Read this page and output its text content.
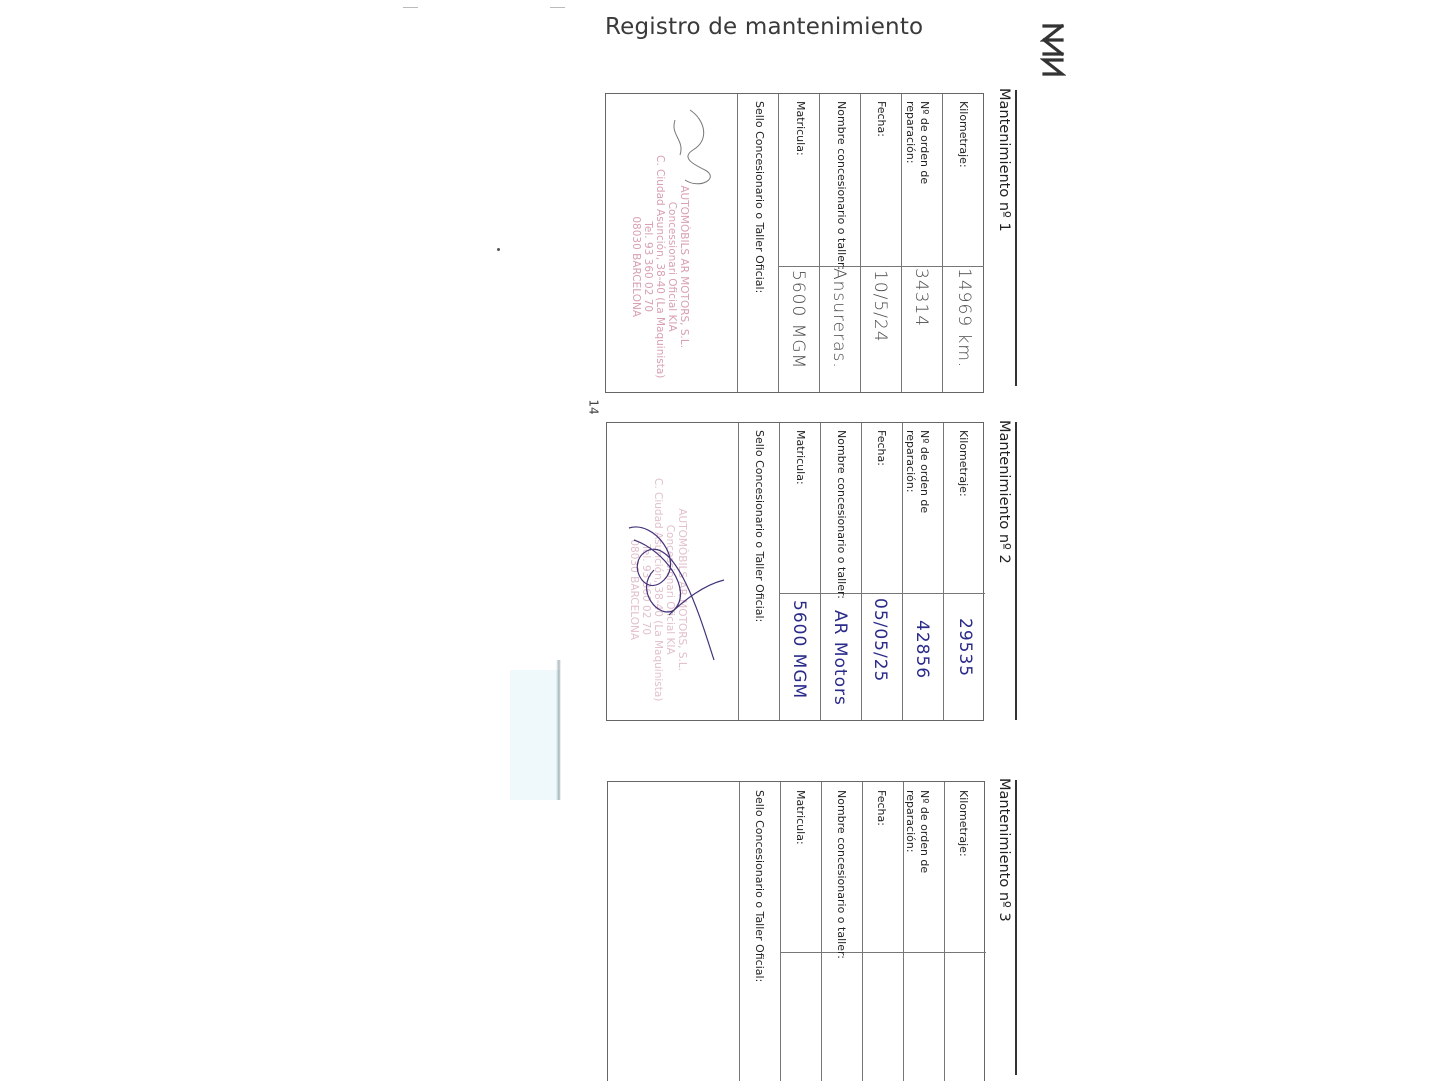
Registro de mantenimiento
14
Mantenimiento nº 1
Kilometraje:
Nº de orden de
reparación:
Fecha:
Nombre concesionario o taller:
Matricula:
Sello Concesionario o Taller Oficial:
14969 km.
34314
10/5/24
Ansureras.
5600 MGM
AUTOMÒBILS AR MOTORS, S.L.
Concessionari Oficial KIA
C. Ciudad Asunción, 38-40 (La Maquinista)
Tel. 93 360 02 70
08030 BARCELONA
Mantenimiento nº 2
Kilometraje:
Nº de orden de
reparación:
Fecha:
Nombre concesionario o taller:
Matricula:
Sello Concesionario o Taller Oficial:
29535
42856
05/05/25
AR Motors
5600 MGM
AUTOMÒBILS AR MOTORS, S.L.
Concessionari Oficial KIA
C. Ciudad Asunción, 38-40 (La Maquinista)
Tel. 93 360 02 70
08030 BARCELONA
Mantenimiento nº 3
Kilometraje:
Nº de orden de
reparación:
Fecha:
Nombre concesionario o taller:
Matricula:
Sello Concesionario o Taller Oficial:
